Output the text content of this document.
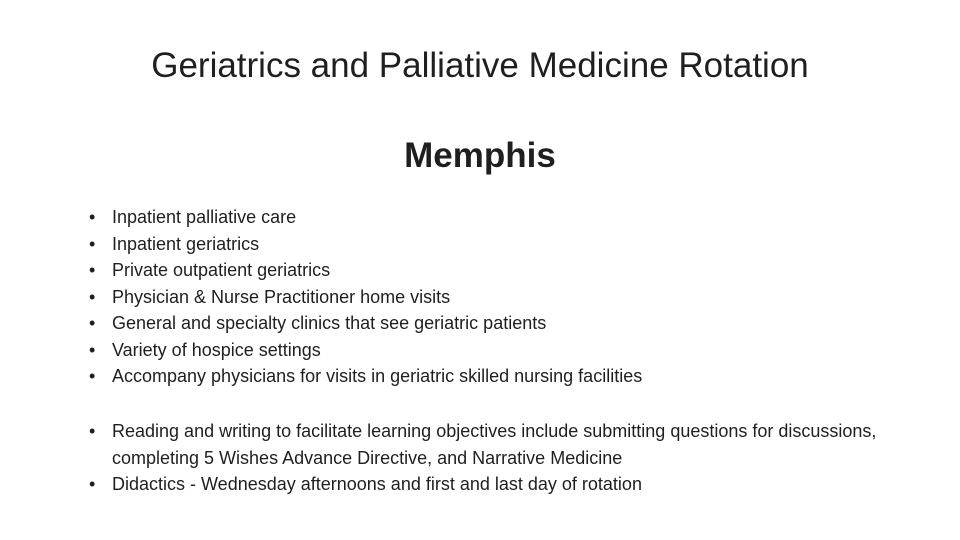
Geriatrics and Palliative Medicine Rotation
Memphis
• Inpatient palliative care
• Inpatient geriatrics
• Private outpatient geriatrics
• Physician & Nurse Practitioner home visits
• General and specialty clinics that see geriatric patients
• Variety of hospice settings
• Accompany physicians for visits in geriatric skilled nursing facilities
• Reading and writing to facilitate learning objectives include submitting questions for discussions, completing 5 Wishes Advance Directive, and Narrative Medicine
• Didactics - Wednesday afternoons and first and last day of rotation
